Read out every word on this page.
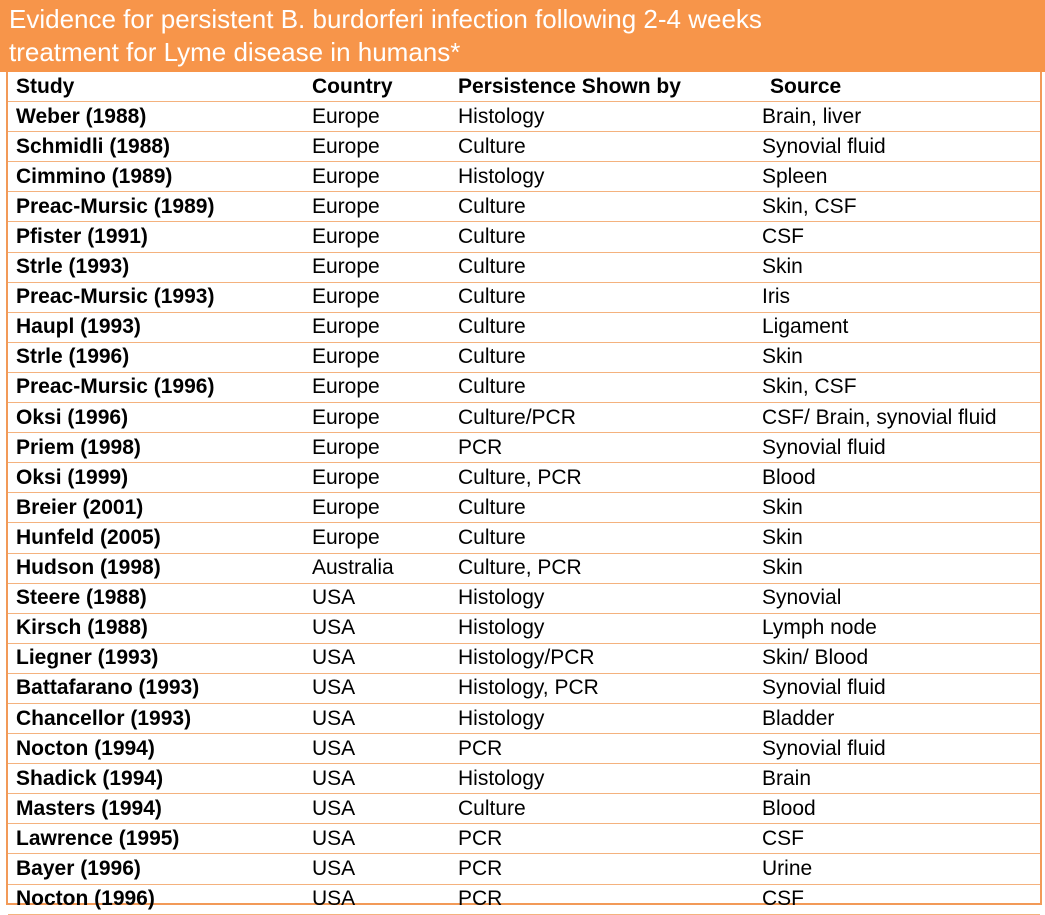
Evidence for persistent B. burdorferi infection following 2-4 weeks
treatment for Lyme disease in humans*
Study	Country	Persistence Shown by	Source
Weber (1988)	Europe	Histology	Brain, liver
Schmidli (1988)	Europe	Culture	Synovial fluid
Cimmino (1989)	Europe	Histology	Spleen
Preac-Mursic (1989)	Europe	Culture	Skin, CSF
Pfister (1991)	Europe	Culture	CSF
Strle (1993)	Europe	Culture	Skin
Preac-Mursic (1993)	Europe	Culture	Iris
Haupl (1993)	Europe	Culture	Ligament
Strle (1996)	Europe	Culture	Skin
Preac-Mursic (1996)	Europe	Culture	Skin, CSF
Oksi (1996)	Europe	Culture/PCR	CSF/ Brain, synovial fluid
Priem (1998)	Europe	PCR	Synovial fluid
Oksi (1999)	Europe	Culture, PCR	Blood
Breier (2001)	Europe	Culture	Skin
Hunfeld (2005)	Europe	Culture	Skin
Hudson (1998)	Australia	Culture, PCR	Skin
Steere (1988)	USA	Histology	Synovial
Kirsch (1988)	USA	Histology	Lymph node
Liegner (1993)	USA	Histology/PCR	Skin/ Blood
Battafarano (1993)	USA	Histology, PCR	Synovial fluid
Chancellor (1993)	USA	Histology	Bladder
Nocton (1994)	USA	PCR	Synovial fluid
Shadick (1994)	USA	Histology	Brain
Masters (1994)	USA	Culture	Blood
Lawrence (1995)	USA	PCR	CSF
Bayer (1996)	USA	PCR	Urine
Nocton (1996)	USA	PCR	CSF
